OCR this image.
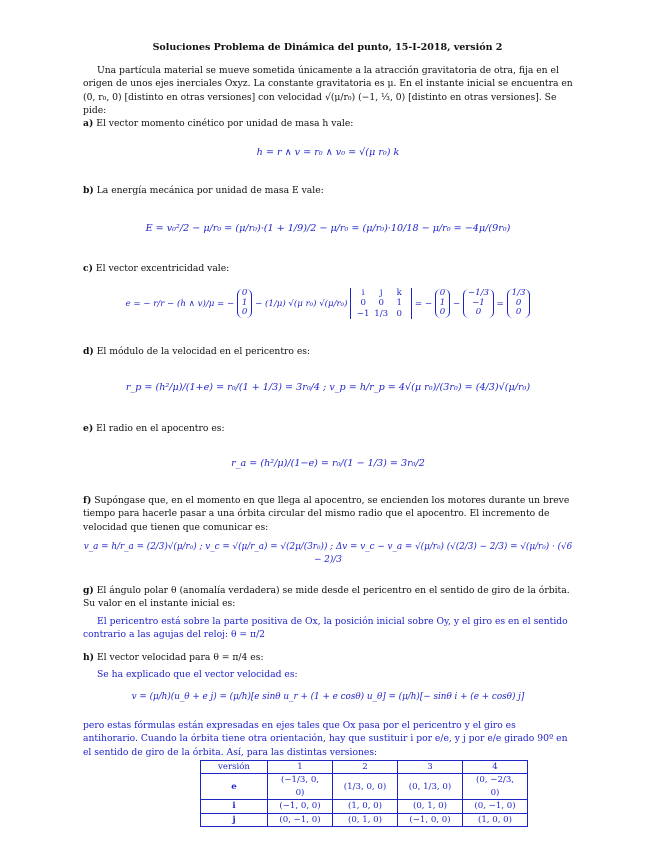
Soluciones Problema de Dinámica del punto, 15-I-2018, versión 2
Una partícula material se mueve sometida únicamente a la atracción gravitatoria de otra, fija en el origen de unos ejes inerciales Oxyz. La constante gravitatoria es μ. En el instante inicial se encuentra en (0, r₀, 0) [distinto en otras versiones] con velocidad √(μ/r₀) (−1, ⅓, 0) [distinto en otras versiones]. Se pide:
a) El vector momento cinético por unidad de masa h vale:
h = r ∧ v = r₀ ∧ v₀ = √(μ r₀) k
b) La energía mecánica por unidad de masa E vale:
E = v₀²/2 − μ/r₀ = (μ/r₀)·(1 + 1/9)/2 − μ/r₀ = (μ/r₀)·10/18 − μ/r₀ = −4μ/(9r₀)
c) El vector excentricidad vale:
e = − r/r − (h ∧ v)/μ = −
0
1
0
− (1/μ) √(μ r₀) √(μ/r₀)
i	j	k
0	0	1
−1 1/3 0
= −
0
1
0
−
−1/3
−1
0
=
1/3
0
0
d) El módulo de la velocidad en el pericentro es:
r_p = (h²/μ)/(1+e) = r₀/(1 + 1/3) = 3r₀/4 ; v_p = h/r_p = 4√(μ r₀)/(3r₀) = (4/3)√(μ/r₀)
e) El radio en el apocentro es:
r_a = (h²/μ)/(1−e) = r₀/(1 − 1/3) = 3r₀/2
f) Supóngase que, en el momento en que llega al apocentro, se encienden los motores durante un breve tiempo para hacerle pasar a una órbita circular del mismo radio que el apocentro. El incremento de velocidad que tienen que comunicar es:
v_a = h/r_a = (2/3)√(μ/r₀) ; v_c = √(μ/r_a) = √(2μ/(3r₀)) ; Δv = v_c − v_a = √(μ/r₀) (√(2/3) − 2/3) = √(μ/r₀) · (√6 − 2)/3
g) El ángulo polar θ (anomalía verdadera) se mide desde el pericentro en el sentido de giro de la órbita. Su valor en el instante inicial es:
El pericentro está sobre la parte positiva de Ox, la posición inicial sobre Oy, y el giro es en el sentido contrario a las agujas del reloj: θ = π/2
h) El vector velocidad para θ = π/4 es:
Se ha explicado que el vector velocidad es:
v = (μ/h)(u_θ + e j) = (μ/h)[e sinθ u_r + (1 + e cosθ) u_θ] = (μ/h)[− sinθ i + (e + cosθ) j]
pero estas fórmulas están expresadas en ejes tales que Ox pasa por el pericentro y el giro es antihorario. Cuando la órbita tiene otra orientación, hay que sustituir i por e/e, y j por e/e girado 90º en el sentido de giro de la órbita. Así, para las distintas versiones:
versión	1	2	3	4
e	(−1/3, 0, 0)	(1/3, 0, 0)	(0, 1/3, 0)	(0, −2/3, 0)
i	(−1, 0, 0)	(1, 0, 0)	(0, 1, 0)	(0, −1, 0)
j	(0, −1, 0)	(0, 1, 0)	(−1, 0, 0)	(1, 0, 0)
